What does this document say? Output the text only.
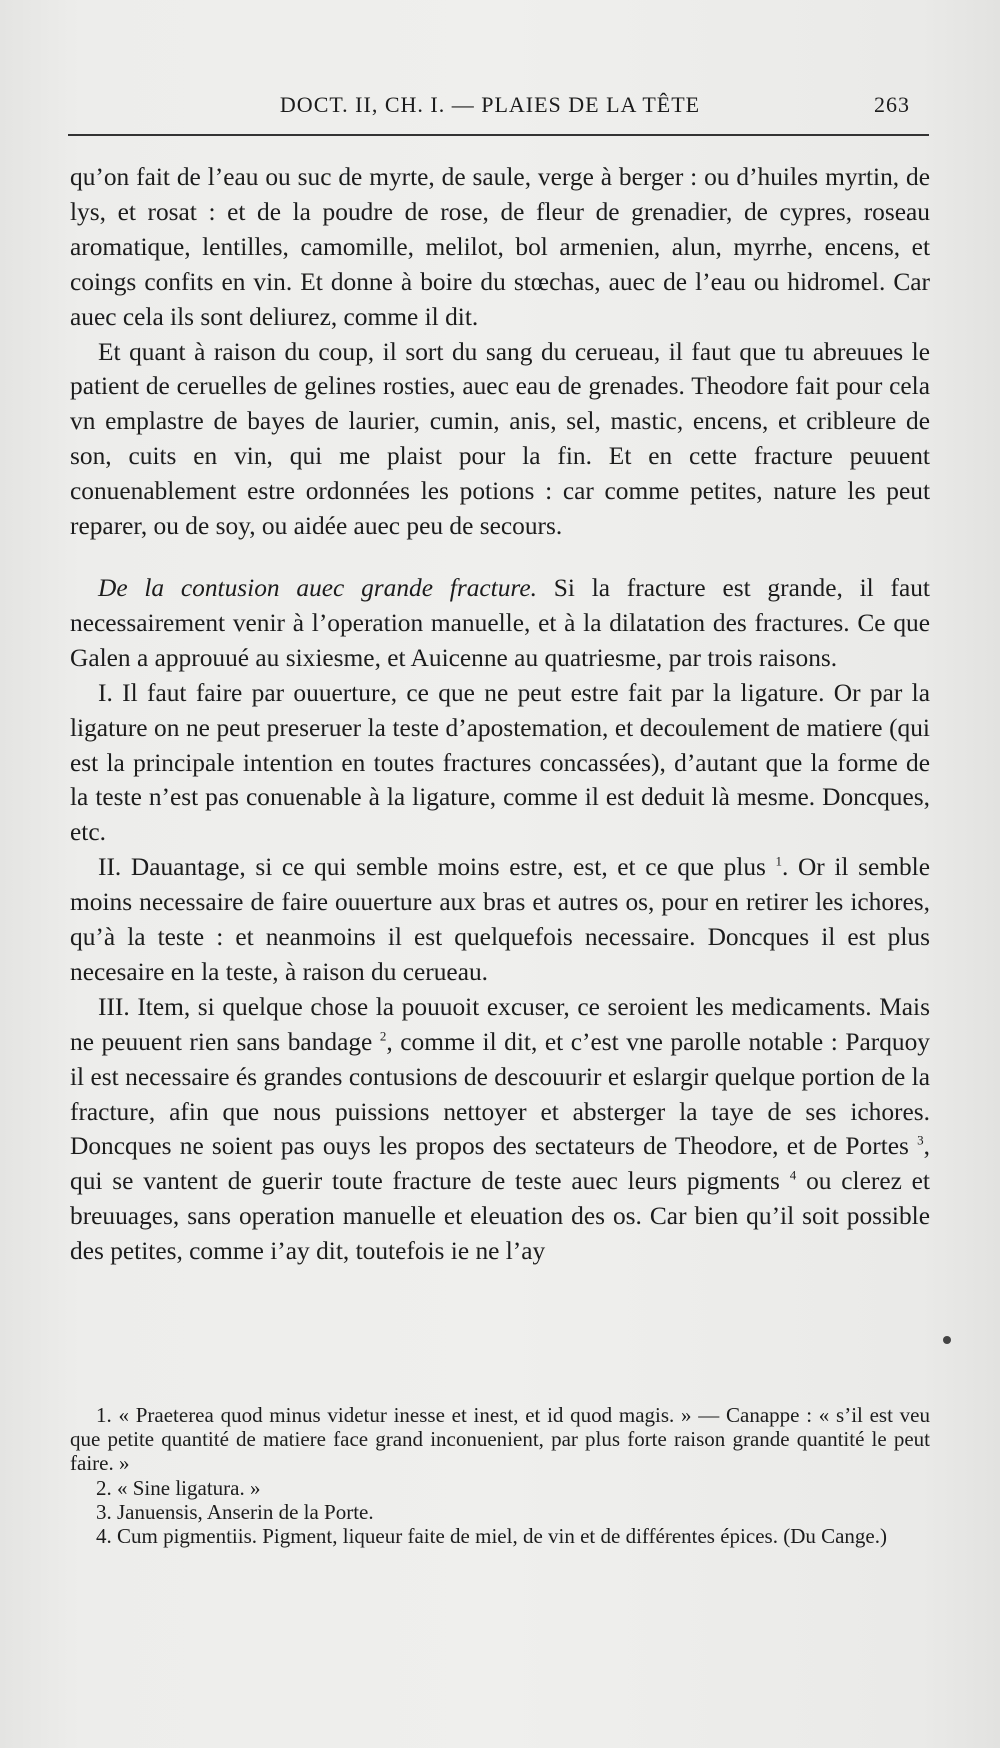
DOCT. II, CH. I. — PLAIES DE LA TÊTE	263

qu’on fait de l’eau ou suc de myrte, de saule, verge à berger : ou d’huiles myrtin, de lys, et rosat : et de la poudre de rose, de fleur de grenadier, de cypres, roseau aromatique, lentilles, camomille, melilot, bol armenien, alun, myrrhe, encens, et coings confits en vin. Et donne à boire du stœchas, auec de l’eau ou hidromel. Car auec cela ils sont deliurez, comme il dit.

Et quant à raison du coup, il sort du sang du cerueau, il faut que tu abreuues le patient de ceruelles de gelines rosties, auec eau de grenades. Theodore fait pour cela vn emplastre de bayes de laurier, cumin, anis, sel, mastic, encens, et cribleure de son, cuits en vin, qui me plaist pour la fin. Et en cette fracture peuuent conuenablement estre ordonnées les potions : car comme petites, nature les peut reparer, ou de soy, ou aidée auec peu de secours.

De la contusion auec grande fracture. Si la fracture est grande, il faut necessairement venir à l’operation manuelle, et à la dilatation des fractures. Ce que Galen a approuué au sixiesme, et Auicenne au quatriesme, par trois raisons.

I. Il faut faire par ouuerture, ce que ne peut estre fait par la ligature. Or par la ligature on ne peut preseruer la teste d’apostemation, et decoulement de matiere (qui est la principale intention en toutes fractures concassées), d’autant que la forme de la teste n’est pas conuenable à la ligature, comme il est deduit là mesme. Doncques, etc.

II. Dauantage, si ce qui semble moins estre, est, et ce que plus $^1$. Or il semble moins necessaire de faire ouuerture aux bras et autres os, pour en retirer les ichores, qu’à la teste : et neanmoins il est quelquefois necessaire. Doncques il est plus necesaire en la teste, à raison du cerueau.

III. Item, si quelque chose la pouuoit excuser, ce seroient les medicaments. Mais ne peuuent rien sans bandage $^2$, comme il dit, et c’est vne parolle notable : Parquoy il est necessaire és grandes contusions de descouurir et eslargir quelque portion de la fracture, afin que nous puissions nettoyer et absterger la taye de ses ichores. Doncques ne soient pas ouys les propos des sectateurs de Theodore, et de Portes $^3$, qui se vantent de guerir toute fracture de teste auec leurs pigments $^4$ ou clerez et breuuages, sans operation manuelle et eleuation des os. Car bien qu’il soit possible des petites, comme i’ay dit, toutefois ie ne l’ay

1. « Praeterea quod minus videtur inesse et inest, et id quod magis. » — Canappe : « s’il est veu que petite quantité de matiere face grand inconuenient, par plus forte raison grande quantité le peut faire. »

2. « Sine ligatura. »

3. Januensis, Anserin de la Porte.

4. Cum pigmentiis. Pigment, liqueur faite de miel, de vin et de différentes épices. (Du Cange.)
